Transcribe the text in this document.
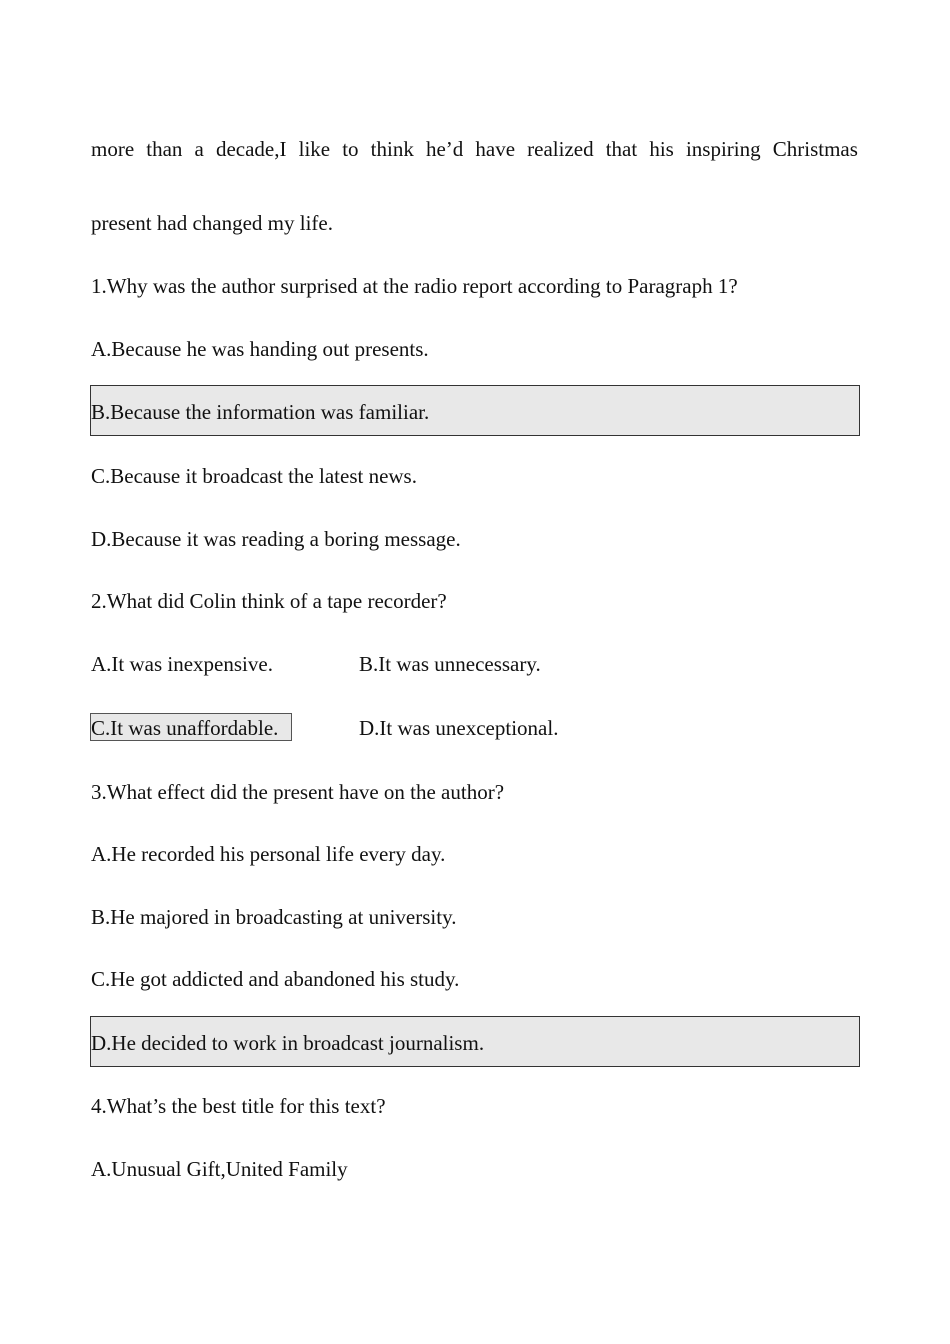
more than a decade,I like to think he’d have realized that his inspiring Christmas
present had changed my life.
1.Why was the author surprised at the radio report according to Paragraph 1?
A.Because he was handing out presents.
B.Because the information was familiar.
C.Because it broadcast the latest news.
D.Because it was reading a boring message.
2.What did Colin think of a tape recorder?
A.It was inexpensive.	B.It was unnecessary.
C.It was unaffordable.	D.It was unexceptional.
3.What effect did the present have on the author?
A.He recorded his personal life every day.
B.He majored in broadcasting at university.
C.He got addicted and abandoned his study.
D.He decided to work in broadcast journalism.
4.What’s the best title for this text?
A.Unusual Gift,United Family
